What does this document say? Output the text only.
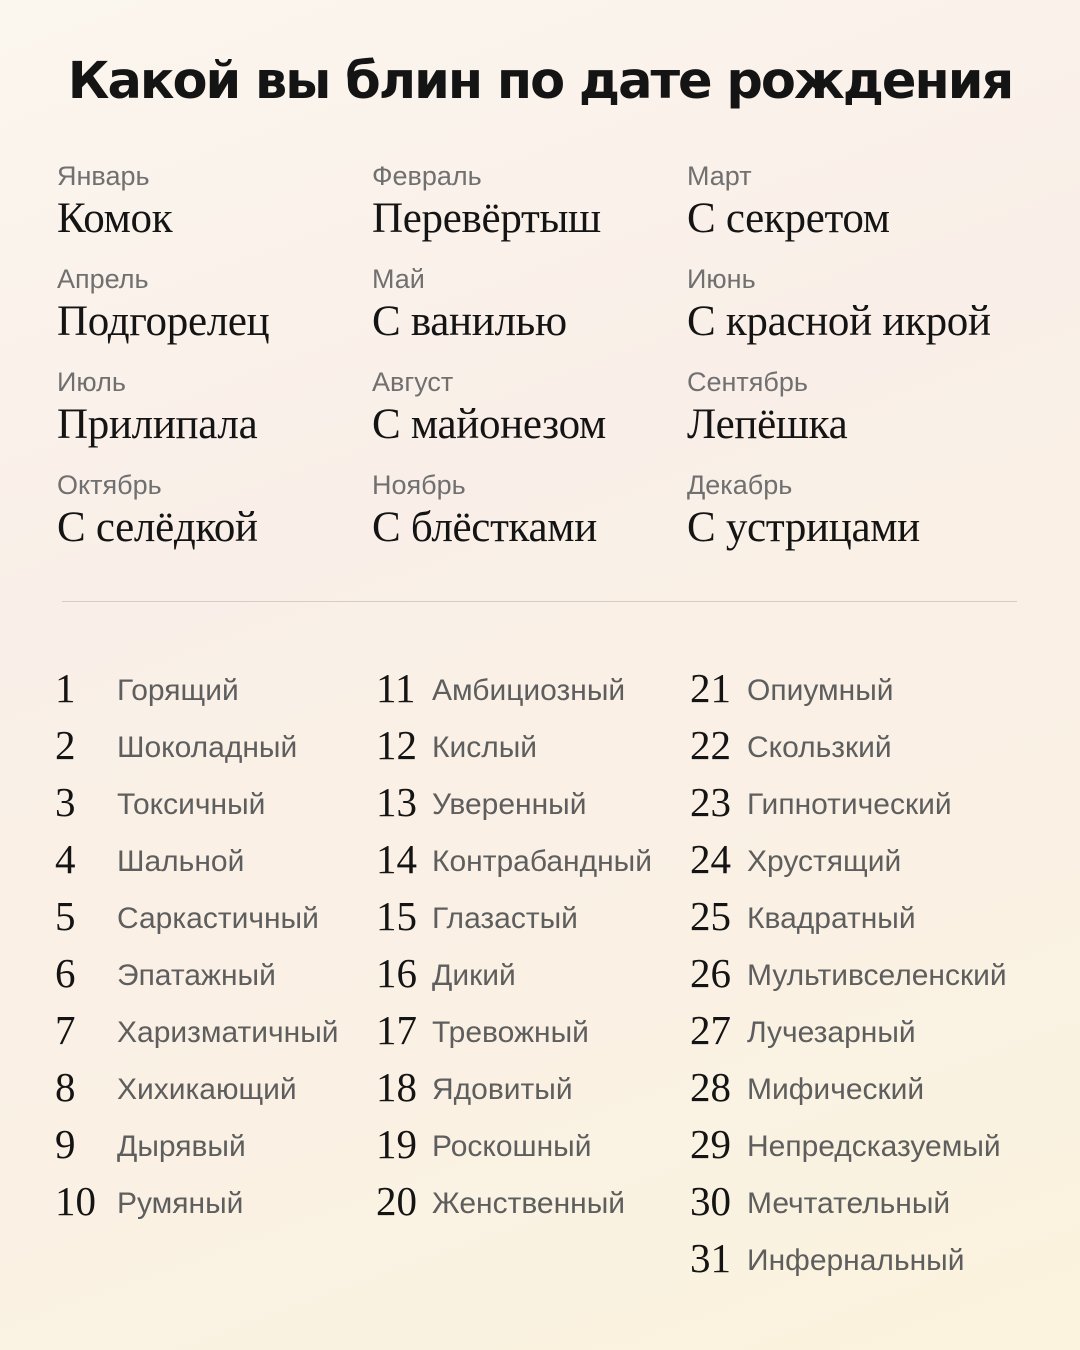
Какой вы блин по дате рождения
Январь
Комок
Февраль
Перевёртыш
Март
С секретом
Апрель
Подгорелец
Май
С ванилью
Июнь
С красной икрой
Июль
Прилипала
Август
С майонезом
Сентябрь
Лепёшка
Октябрь
С селёдкой
Ноябрь
С блёстками
Декабрь
С устрицами
1 Горящий
2 Шоколадный
3 Токсичный
4 Шальной
5 Саркастичный
6 Эпатажный
7 Харизматичный
8 Хихикающий
9 Дырявый
10 Румяный
11 Амбициозный
12 Кислый
13 Уверенный
14 Контрабандный
15 Глазастый
16 Дикий
17 Тревожный
18 Ядовитый
19 Роскошный
20 Женственный
21 Опиумный
22 Скользкий
23 Гипнотический
24 Хрустящий
25 Квадратный
26 Мультивселенский
27 Лучезарный
28 Мифический
29 Непредсказуемый
30 Мечтательный
31 Инфернальный
